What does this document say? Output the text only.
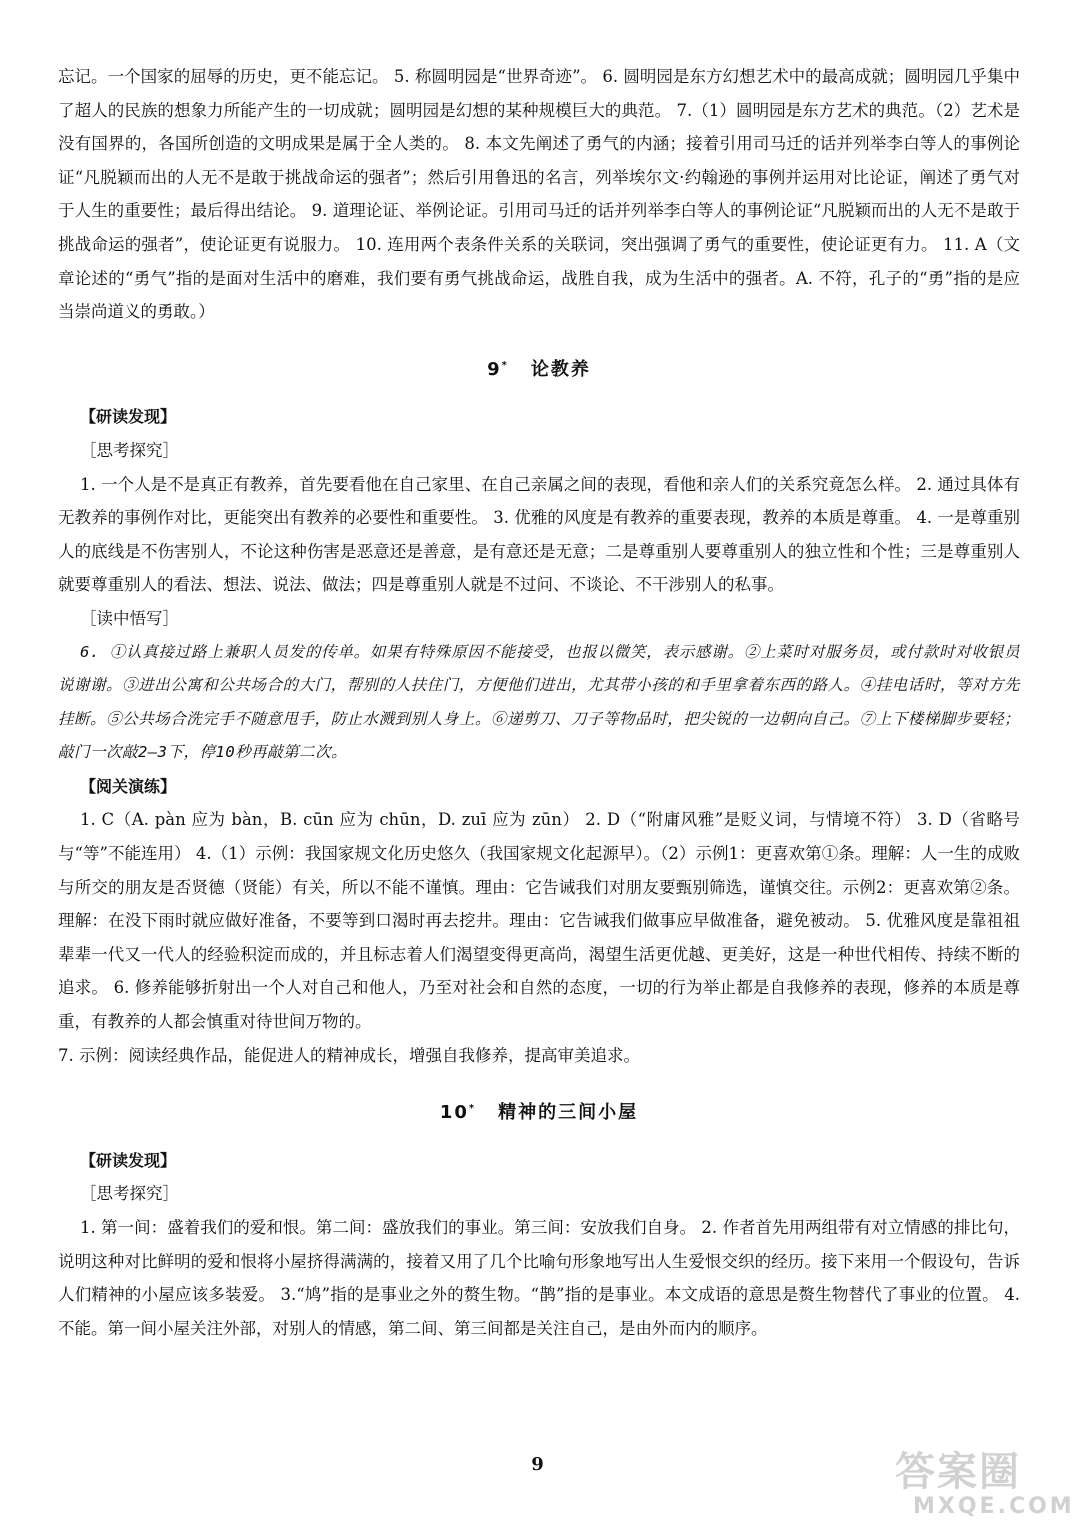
忘记。一个国家的屈辱的历史，更不能忘记。 5. 称圆明园是“世界奇迹”。 6. 圆明园是东方幻想艺术中的最高成就；圆明园几乎集中了超人的民族的想象力所能产生的一切成就；圆明园是幻想的某种规模巨大的典范。 7.（1）圆明园是东方艺术的典范。（2）艺术是没有国界的，各国所创造的文明成果是属于全人类的。 8. 本文先阐述了勇气的内涵；接着引用司马迁的话并列举李白等人的事例论证“凡脱颖而出的人无不是敢于挑战命运的强者”；然后引用鲁迅的名言，列举埃尔文·约翰逊的事例并运用对比论证，阐述了勇气对于人生的重要性；最后得出结论。 9. 道理论证、举例论证。引用司马迁的话并列举李白等人的事例论证“凡脱颖而出的人无不是敢于挑战命运的强者”，使论证更有说服力。 10. 连用两个表条件关系的关联词，突出强调了勇气的重要性，使论证更有力。 11. A（文章论述的“勇气”指的是面对生活中的磨难，我们要有勇气挑战命运，战胜自我，成为生活中的强者。A. 不符，孔子的“勇”指的是应当崇尚道义的勇敢。）

9* 论教养

【研读发现】

［思考探究］

1. 一个人是不是真正有教养，首先要看他在自己家里、在自己亲属之间的表现，看他和亲人们的关系究竟怎么样。 2. 通过具体有无教养的事例作对比，更能突出有教养的必要性和重要性。 3. 优雅的风度是有教养的重要表现，教养的本质是尊重。 4. 一是尊重别人的底线是不伤害别人，不论这种伤害是恶意还是善意，是有意还是无意；二是尊重别人要尊重别人的独立性和个性；三是尊重别人就要尊重别人的看法、想法、说法、做法；四是尊重别人就是不过问、不谈论、不干涉别人的私事。

［读中悟写］

6. ①认真接过路上兼职人员发的传单。如果有特殊原因不能接受，也报以微笑，表示感谢。②上菜时对服务员，或付款时对收银员说谢谢。③进出公寓和公共场合的大门，帮别的人扶住门，方便他们进出，尤其带小孩的和手里拿着东西的路人。④挂电话时，等对方先挂断。⑤公共场合洗完手不随意甩手，防止水溅到别人身上。⑥递剪刀、刀子等物品时，把尖锐的一边朝向自己。⑦上下楼梯脚步要轻；敲门一次敲2—3下，停10秒再敲第二次。

【阅关演练】

1. C（A. pàn 应为 bàn，B. cūn 应为 chūn，D. zuī 应为 zūn） 2. D（“附庸风雅”是贬义词，与情境不符） 3. D（省略号与“等”不能连用） 4.（1）示例：我国家规文化历史悠久（我国家规文化起源早）。（2）示例1：更喜欢第①条。理解：人一生的成败与所交的朋友是否贤德（贤能）有关，所以不能不谨慎。理由：它告诫我们对朋友要甄别筛选，谨慎交往。示例2：更喜欢第②条。理解：在没下雨时就应做好准备，不要等到口渴时再去挖井。理由：它告诫我们做事应早做准备，避免被动。 5. 优雅风度是靠祖祖辈辈一代又一代人的经验积淀而成的，并且标志着人们渴望变得更高尚，渴望生活更优越、更美好，这是一种世代相传、持续不断的追求。 6. 修养能够折射出一个人对自己和他人，乃至对社会和自然的态度，一切的行为举止都是自我修养的表现，修养的本质是尊重，有教养的人都会慎重对待世间万物的。

7. 示例：阅读经典作品，能促进人的精神成长，增强自我修养，提高审美追求。

10* 精神的三间小屋

【研读发现】

［思考探究］

1. 第一间：盛着我们的爱和恨。第二间：盛放我们的事业。第三间：安放我们自身。 2. 作者首先用两组带有对立情感的排比句，说明这种对比鲜明的爱和恨将小屋挤得满满的，接着又用了几个比喻句形象地写出人生爱恨交织的经历。接下来用一个假设句，告诉人们精神的小屋应该多装爱。 3.“鸠”指的是事业之外的赘生物。“鹊”指的是事业。本文成语的意思是赘生物替代了事业的位置。 4. 不能。第一间小屋关注外部，对别人的情感，第二间、第三间都是关注自己，是由外而内的顺序。

9	答案圈
MXQE.COM
